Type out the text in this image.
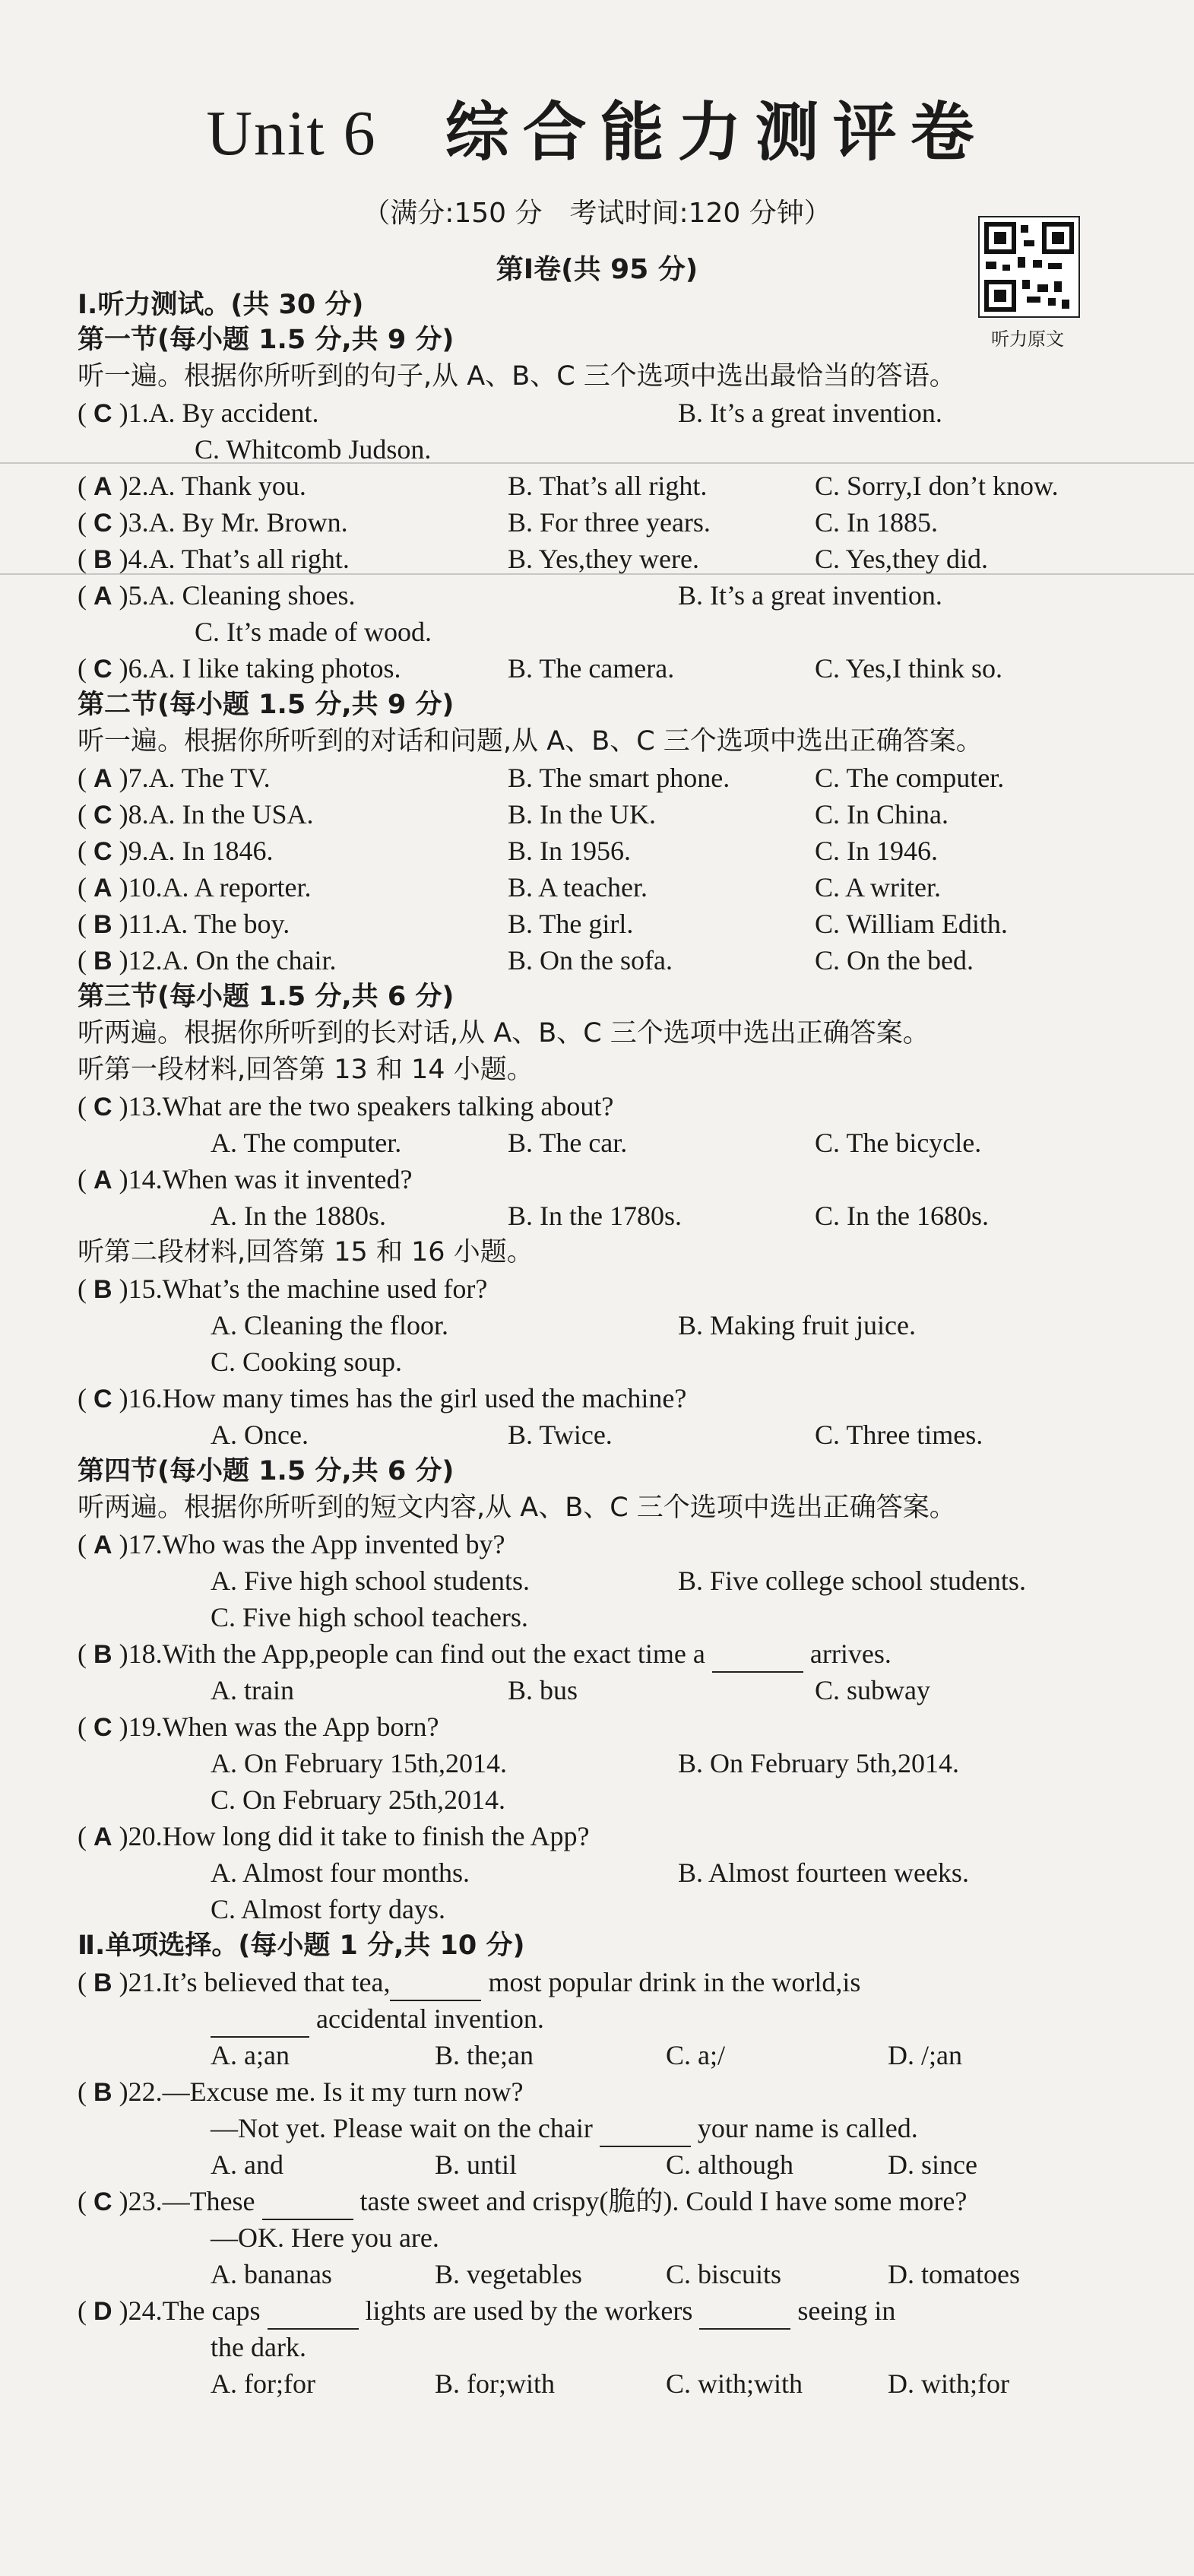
Unit 6 综合能力测评卷
（满分:150 分　考试时间:120 分钟）
第Ⅰ卷(共 95 分)
听力原文
Ⅰ.听力测试。(共 30 分)
第一节(每小题 1.5 分,共 9 分)
听一遍。根据你所听到的句子,从 A、B、C 三个选项中选出最恰当的答语。

( C )1.A. By accident.

	B. It’s a great invention.

C. Whitcomb Judson.

( A )2.A. Thank you.

	B. That’s all right.

	C. Sorry,I don’t know.

( C )3.A. By Mr. Brown.

	B. For three years.

	C. In 1885.

( B )4.A. That’s all right.

	B. Yes,they were.

	C. Yes,they did.

( A )5.A. Cleaning shoes.

	B. It’s a great invention.

C. It’s made of wood.

( C )6.A. I like taking photos.

	B. The camera.

	C. Yes,I think so.

第二节(每小题 1.5 分,共 9 分)
听一遍。根据你所听到的对话和问题,从 A、B、C 三个选项中选出正确答案。

( A )7.A. The TV.

	B. The smart phone.

	C. The computer.

( C )8.A. In the USA.

	B. In the UK.

	C. In China.

( C )9.A. In 1846.

	B. In 1956.

	C. In 1946.

( A )10.A. A reporter.

	B. A teacher.

	C. A writer.

( B )11.A. The boy.

	B. The girl.

	C. William Edith.

( B )12.A. On the chair.

	B. On the sofa.

	C. On the bed.

第三节(每小题 1.5 分,共 6 分)
听两遍。根据你所听到的长对话,从 A、B、C 三个选项中选出正确答案。
听第一段材料,回答第 13 和 14 小题。

( C )13.What are the two speakers talking about?

A. The computer.

	B. The car.

	C. The bicycle.

( A )14.When was it invented?

A. In the 1880s.

	B. In the 1780s.

	C. In the 1680s.

听第二段材料,回答第 15 和 16 小题。

( B )15.What’s the machine used for?

A. Cleaning the floor.

	B. Making fruit juice.

C. Cooking soup.

( C )16.How many times has the girl used the machine?

A. Once.

	B. Twice.

	C. Three times.

第四节(每小题 1.5 分,共 6 分)
听两遍。根据你所听到的短文内容,从 A、B、C 三个选项中选出正确答案。

( A )17.Who was the App invented by?

A. Five high school students.

	B. Five college school students.

C. Five high school teachers.

( B )18.With the App,people can find out the exact time a	arrives.

A. train

	B. bus

	C. subway

( C )19.When was the App born?

A. On February 15th,2014.

	B. On February 5th,2014.

C. On February 25th,2014.

( A )20.How long did it take to finish the App?

A. Almost four months.

	B. Almost fourteen weeks.

C. Almost forty days.
Ⅱ.单项选择。(每小题 1 分,共 10 分)

( B )21.It’s believed that tea,	most popular drink in the world,is

accidental invention.

A. a;an

	B. the;an

	C. a;/

	D. /;an

( B )22.—Excuse me. Is it my turn now?

—Not yet. Please wait on the chair	your name is called.

A. and

	B. until

	C. although

	D. since

( C )23.—These	taste sweet and crispy(脆的). Could I have some more?

—OK. Here you are.

A. bananas

	B. vegetables

	C. biscuits

	D. tomatoes

( D )24.The caps	lights are used by the workers	seeing in

the dark.

A. for;for

	B. for;with

	C. with;with

	D. with;for
